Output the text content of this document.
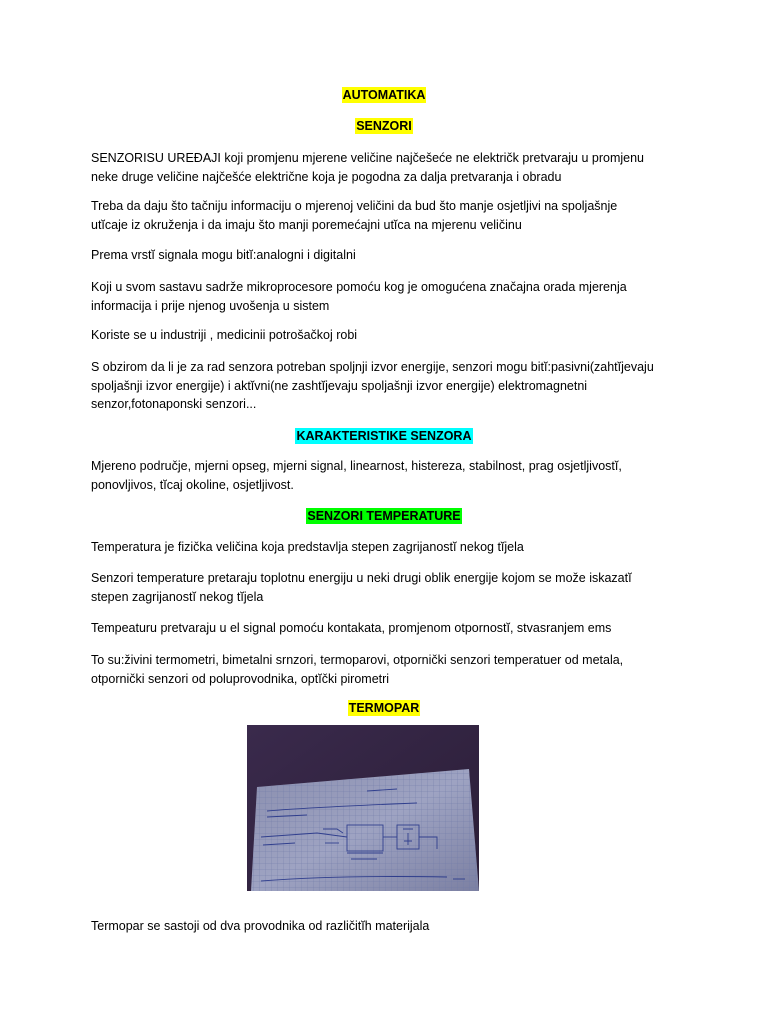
AUTOMATIKA
SENZORI
SENZORISU UREĐAJI koji promjenu mjerene veličine najčešeće ne električk pretvaraju u promjenu
neke druge veličine najčešće električne koja je pogodna za dalja pretvaranja i obradu
Treba da daju što tačniju informaciju o mjerenoj veličini da bud što manje osjetljivi na spoljašnje
utĭcaje iz okruženja i da imaju što manji poremećajni utĭca na mjerenu veličinu
Prema vrstĭ signala mogu bitĭ:analogni i digitalni
Koji u svom sastavu sadrže mikroprocesore pomoću kog je omogućena značajna orada mjerenja
informacija i prije njenog uvošenja u sistem
Koriste se u industriji , medicinii potrošačkoj robi
S obzirom da li je za rad senzora potreban spoljnji izvor energije, senzori mogu bitĭ:pasivni(zahtĭjevaju
spoljašnji izvor energije) i aktĭvni(ne zashtĭjevaju spoljašnji izvor energije) elektromagnetni
senzor,fotonaponski senzori...
KARAKTERISTIKE SENZORA
Mjereno područje, mjerni opseg, mjerni signal, linearnost, histereza, stabilnost, prag osjetljivostĭ,
ponovljivos, tĭcaj okoline, osjetljivost.
SENZORI TEMPERATURE
Temperatura je fizička veličina koja predstavlja stepen zagrijanostĭ nekog tĭjela
Senzori temperature pretaraju toplotnu energiju u neki drugi oblik energije kojom se može iskazatĭ
stepen zagrijanostĭ nekog tĭjela
Tempeaturu pretvaraju u el signal pomoću kontakata, promjenom otpornostĭ, stvasranjem ems
To su:živini termometri, bimetalni srnzori, termoparovi, otpornički senzori temperatuer od metala,
otpornički senzori od poluprovodnika, optĭčki pirometri
TERMOPAR
Termopar se sastoji od dva provodnika od različitĭh materijala
